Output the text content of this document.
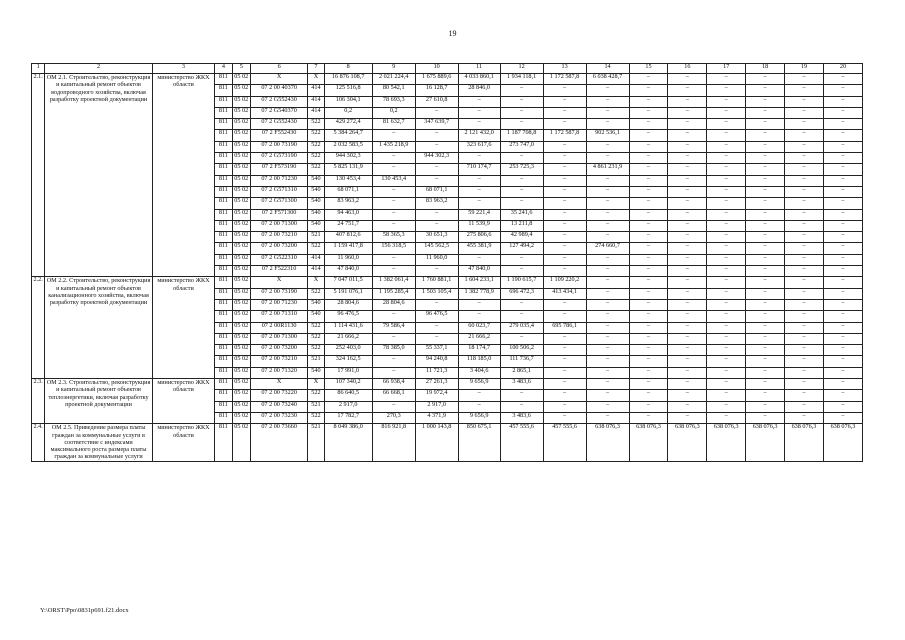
19
1	2	3	4	5	6	7	8	9	10	11	12	13	14	15	16	17	18	19	20
2.1.	ОМ 2.1. Строительство, реконструкция и капитальный ремонт объектов водопроводного хозяйства, включая разработку проектной документации	министерство ЖКХ области	811	05 02	X	X	16 876 108,7	2 021 224,4	1 675 889,6	4 033 860,1	1 934 118,1	1 172 587,8	6 038 428,7	–	–	–	–	–	–
			811	05 02	07 2 00 40370	414	125 516,8	80 542,1	16 128,7	28 846,0	–	–	–	–	–	–	–	–	–
			811	05 02	07 2 G552430	414	106 304,1	78 693,3	27 610,8	–	–	–	–	–	–	–	–	–	–
			811	05 02	07 2 G540370	414	0,2	0,2	–	–	–	–	–	–	–	–	–	–	–
			811	05 02	07 2 G552430	522	429 272,4	81 632,7	347 639,7	–	–	–	–	–	–	–	–	–	–
			811	05 02	07 2 F552430	522	5 384 264,7	–	–	2 121 432,0	1 187 708,8	1 172 587,8	902 536,1	–	–	–	–	–	–
			811	05 02	07 2 00 73190	522	2 032 583,5	1 435 218,9	–	323 617,6	273 747,0	–	–	–	–	–	–	–	–
			811	05 02	07 2 G573190	522	944 302,3	–	944 302,3	–	–	–	–	–	–	–	–	–	–
			811	05 02	07 2 F573190	522	5 825 131,9	–	–	710 174,7	253 725,3	–	4 861 231,9	–	–	–	–	–	–
			811	05 02	07 2 00 71230	540	130 453,4	130 453,4	–	–	–	–	–	–	–	–	–	–	–
			811	05 02	07 2 G571310	540	68 071,1	–	68 071,1	–	–	–	–	–	–	–	–	–	–
			811	05 02	07 2 G571300	540	83 963,2	–	83 963,2	–	–	–	–	–	–	–	–	–	–
			811	05 02	07 2 F571300	540	94 463,0	–	–	59 221,4	35 241,6	–	–	–	–	–	–	–	–
			811	05 02	07 2 00 71300	540	24 751,7	–	–	11 539,9	13 211,8	–	–	–	–	–	–	–	–
			811	05 02	07 2 00 73210	521	407 812,6	58 365,3	30 651,3	275 806,6	42 989,4	–	–	–	–	–	–	–	–
			811	05 02	07 2 00 73200	522	1 159 417,8	156 318,5	145 562,5	455 381,9	127 494,2	–	274 660,7	–	–	–	–	–	–
			811	05 02	07 2 G522310	414	11 960,0	–	11 960,0	–	–	–	–	–	–	–	–	–	–
			811	05 02	07 2 F522310	414	47 840,0	–	–	47 840,0	–	–	–	–	–	–	–	–	–
2.2.	ОМ 2.2. Строительство, реконструкция и капитальный ремонт объектов канализационного хозяйства, включая разработку проектной документации	министерство ЖКХ области	811	05 02	X	X	7 047 011,5	1 382 061,4	1 760 881,1	1 604 233,1	1 190 615,7	1 109 220,2	–	–	–	–	–	–	–
			811	05 02	07 2 00 73190	522	5 191 076,1	1 195 285,4	1 503 105,4	1 382 778,9	696 472,3	413 434,1	–	–	–	–	–	–	–
			811	05 02	07 2 00 71230	540	28 804,6	28 804,6	–	–	–	–	–	–	–	–	–	–	–
			811	05 02	07 2 00 71310	540	96 476,5	–	96 476,5	–	–	–	–	–	–	–	–	–	–
			811	05 02	07 2 00R1130	522	1 114 431,6	79 586,4	–	60 023,7	279 035,4	695 786,1	–	–	–	–	–	–	–
			811	05 02	07 2 00 71300	522	21 666,2	–	–	21 666,2	–	–	–	–	–	–	–	–	–
			811	05 02	07 2 00 73200	522	252 403,0	78 385,0	55 337,1	18 174,7	100 506,2	–	–	–	–	–	–	–	–
			811	05 02	07 2 00 73210	521	324 162,5	–	94 240,8	118 185,0	111 736,7	–	–	–	–	–	–	–	–
			811	05 02	07 2 00 71320	540	17 991,0	–	11 721,3	3 404,6	2 865,1	–	–	–	–	–	–	–	–
2.3.	ОМ 2.3. Строительство, реконструкция и капитальный ремонт объектов теплоэнергетики, включая разработку проектной документации	министерство ЖКХ области	811	05 02	X	X	107 340,2	66 938,4	27 261,3	9 656,9	3 483,6	–	–	–	–	–	–	–	–
			811	05 02	07 2 00 73220	522	86 640,5	66 668,1	19 972,4	–	–	–	–	–	–	–	–	–	–
			811	05 02	07 2 00 73240	521	2 917,0	–	2 917,0	–	–	–	–	–	–	–	–	–	–
			811	05 02	07 2 00 73230	522	17 782,7	270,3	4 371,9	9 656,9	3 483,6	–	–	–	–	–	–	–	–
2.4.	ОМ 2.5. Приведение размера платы граждан за коммунальные услуги в соответствие с индексами максимального роста размера платы граждан за коммунальные услуги	министерство ЖКХ области	811	05 02	07 2 00 73660	521	8 049 386,0	816 921,8	1 000 143,8	850 675,1	457 555,6	457 555,6	638 076,3	638 076,3	638 076,3	638 076,3	638 076,3	638 076,3	638 076,3
Y:\ORST\Ppo\0831p691.f21.docx
